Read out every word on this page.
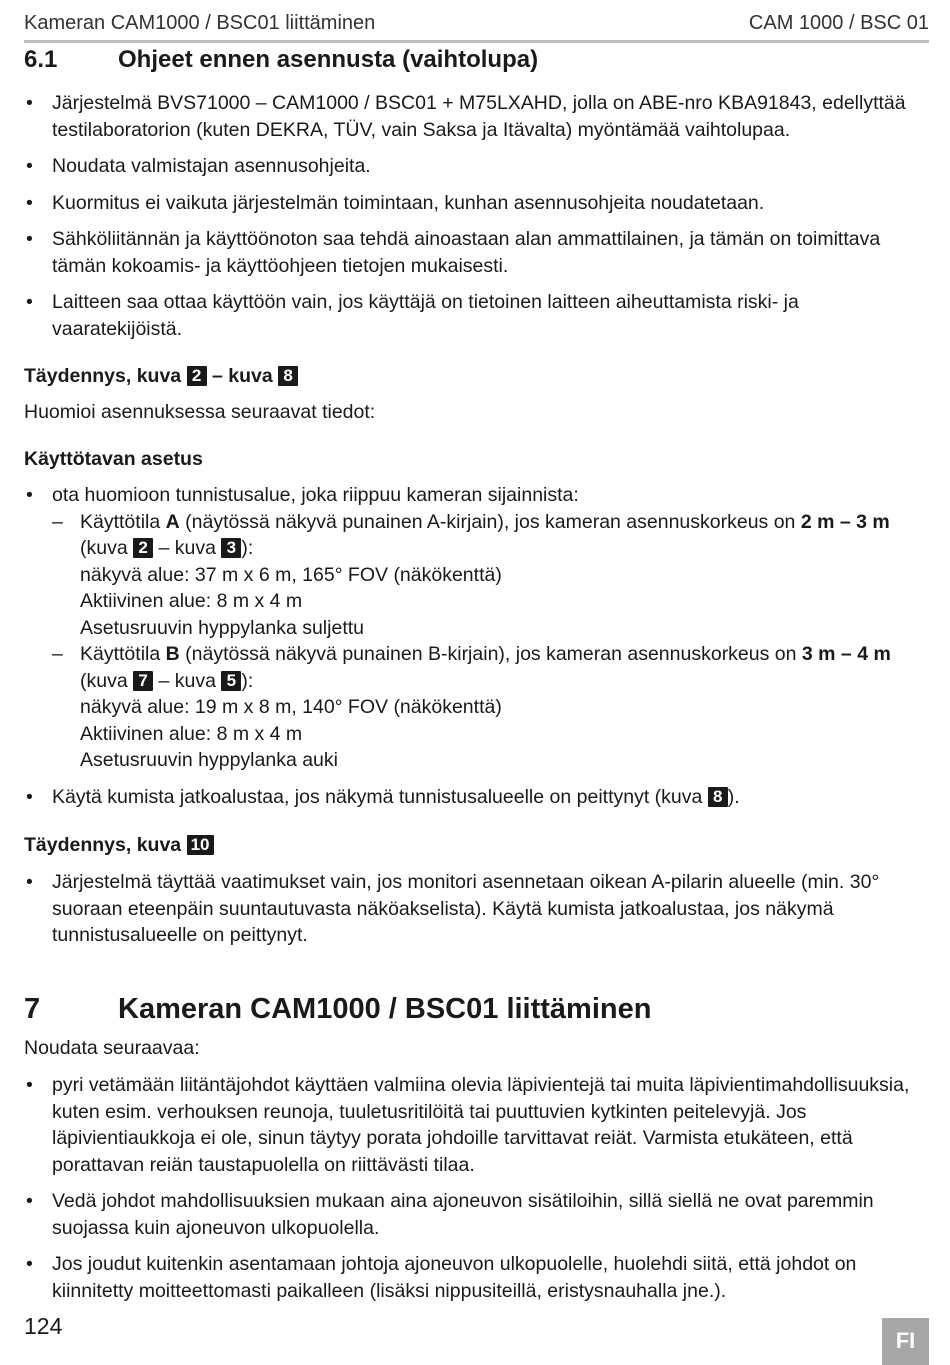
Kameran CAM1000 / BSC01 liittäminen	CAM 1000 / BSC 01
6.1	Ohjeet ennen asennusta (vaihtolupa)
• Järjestelmä BVS71000 – CAM1000 / BSC01 + M75LXAHD, jolla on ABE-nro KBA91843, edellyttää testilaboratorion (kuten DEKRA, TÜV, vain Saksa ja Itävalta) myöntämää vaihtolupaa.
• Noudata valmistajan asennusohjeita.
• Kuormitus ei vaikuta järjestelmän toimintaan, kunhan asennusohjeita noudatetaan.
• Sähköliitännän ja käyttöönoton saa tehdä ainoastaan alan ammattilainen, ja tämän on toimittava tämän kokoamis- ja käyttöohjeen tietojen mukaisesti.
• Laitteen saa ottaa käyttöön vain, jos käyttäjä on tietoinen laitteen aiheuttamista riski- ja vaaratekijöistä.
Täydennys, kuva 2 – kuva 8
Huomioi asennuksessa seuraavat tiedot:
Käyttötavan asetus
• ota huomioon tunnistusalue, joka riippuu kameran sijainnista:
– Käyttötila A (näytössä näkyvä punainen A-kirjain), jos kameran asennuskorkeus on 2 m – 3 m
(kuva 2 – kuva 3 ):
näkyvä alue: 37 m x 6 m, 165° FOV (näkökenttä)
Aktiivinen alue: 8 m x 4 m
Asetusruuvin hyppylanka suljettu
– Käyttötila B (näytössä näkyvä punainen B-kirjain), jos kameran asennuskorkeus on 3 m – 4 m
(kuva 7 – kuva 5 ):
näkyvä alue: 19 m x 8 m, 140° FOV (näkökenttä)
Aktiivinen alue: 8 m x 4 m
Asetusruuvin hyppylanka auki
• Käytä kumista jatkoalustaa, jos näkymä tunnistusalueelle on peittynyt (kuva 8 ).
Täydennys, kuva 10
• Järjestelmä täyttää vaatimukset vain, jos monitori asennetaan oikean A-pilarin alueelle (min. 30° suoraan eteenpäin suuntautuvasta näköakselista). Käytä kumista jatkoalustaa, jos näkymä tunnistusalueelle on peittynyt.
7	Kameran CAM1000 / BSC01 liittäminen
Noudata seuraavaa:
• pyri vetämään liitäntäjohdot käyttäen valmiina olevia läpivientejä tai muita läpivientimahdollisuuksia, kuten esim. verhouksen reunoja, tuuletusritilöitä tai puuttuvien kytkinten peitelevyjä. Jos läpivientiaukkoja ei ole, sinun täytyy porata johdoille tarvittavat reiät. Varmista etukäteen, että porattavan reiän taustapuolella on riittävästi tilaa.
• Vedä johdot mahdollisuuksien mukaan aina ajoneuvon sisätiloihin, sillä siellä ne ovat paremmin suojassa kuin ajoneuvon ulkopuolella.
• Jos joudut kuitenkin asentamaan johtoja ajoneuvon ulkopuolelle, huolehdi siitä, että johdot on kiinnitetty moitteettomasti paikalleen (lisäksi nippusiteillä, eristysnauhalla jne.).
124
FI
